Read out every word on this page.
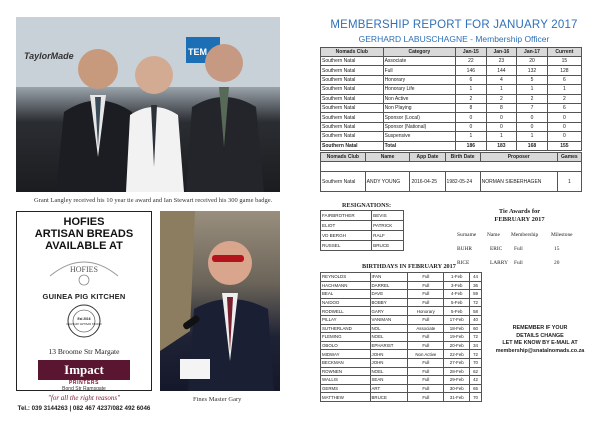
TaylorMade	TEM
Grant Langley received his 10 year tie award and Ian Stewart received his 300 game badge.
HOFIES
ARTISAN BREADS
AVAILABLE AT
HOFIES
GUINEA PIG KITCHEN
Est 2016
CULINARY ARTISAN STUDIO
13 Broome Str Margate
Impact
PRINTERS
Bond Str Ramsgate
"for all the right reasons"
Tel.: 039 3144263 | 082 467 4237/082 492 6046
Fines Master Gary
MEMBERSHIP REPORT FOR JANUARY 2017
GERHARD LABUSCHAGNE - Membership Officer
Nomads Club	Category	Jan-15	Jan-16	Jan-17	Current
Southern Natal	Associate	22	23	20	15
Southern Natal	Full	146	144	132	128
Southern Natal	Honorary	6	4	5	6
Southern Natal	Honorary Life	1	1	1	1
Southern Natal	Non Active	2	2	2	2
Southern Natal	Non Playing	8	8	7	6
Southern Natal	Sponsor (Local)	0	0	0	0
Southern Natal	Sponsor (National)	0	0	0	0
Southern Natal	Suspensive	1	1	1	0
Southern Natal	Total	186	183	168	155
Nomads Club	Name	App Date	Birth Date	Proposer	Games

Southern Natal	ANDY YOUNG	2016-04-25	1982-05-24	NORMAN SIEBERHAGEN	1
RESIGNATIONS:
FAIRBROTHER	BEVIS
ELIOT	PATRICK
VD BERGH	RALF
RUSSEL	BRUCE
Tie Awards for
FEBRUARY 2017
Surname	Name	Membership	Milestone
BUHR	ERIC	Full	15
RICE	LARRY	Full	20
BIRTHDAYS IN FEBRUARY 2017
REYNOLDS	IFAN	Full	1-Feb	44
HACHMANN	DARREL	Full	3-Feb	36
BEAL	DAVE	Full	4-Feb	59
NAIDOO	BOBBY	Full	5-Feb	72
RODWELL	GARY	Honorary	5-Feb	58
PILLAY	VANIMAN	Full	17-Feb	40
SUTHERLAND	NOL	Associate	18-Feb	60
FLEMING	NOEL	Full	19-Feb	72
OBOLO	EPHARIST	Full	20-Feb	34
MIDWAY	JOHN	Non Active	22-Feb	72
BECKMAN	JOHN	Full	27-Feb	70
ROWNEN	NOEL	Full	28-Feb	62
WALLIS	SEAN	Full	29-Feb	42
GERMS	ART	Full	30-Feb	65
MATTHEW	BRUCE	Full	31-Feb	70
REMEMBER IF YOUR
DETAILS CHANGE
LET ME KNOW BY E-MAIL AT
membership@snatalnomads.co.za
